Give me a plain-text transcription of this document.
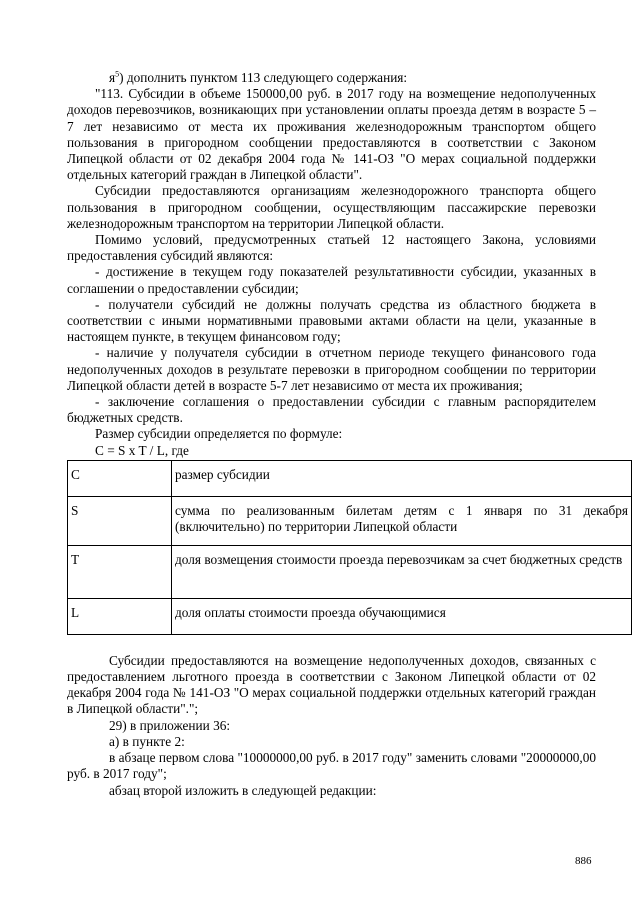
$я^5$) дополнить пунктом 113 следующего содержания:

"113. Субсидии в объеме 150000,00 руб. в 2017 году на возмещение недополученных доходов перевозчиков, возникающих при установлении оплаты проезда детям в возрасте 5 – 7 лет независимо от места их проживания железнодорожным транспортом общего пользования в пригородном сообщении предоставляются в соответствии с Законом Липецкой области от 02 декабря 2004 года № 141-ОЗ "О мерах социальной поддержки отдельных категорий граждан в Липецкой области".

Субсидии предоставляются организациям железнодорожного транспорта общего пользования в пригородном сообщении, осуществляющим пассажирские перевозки железнодорожным транспортом на территории Липецкой области.

Помимо условий, предусмотренных статьей 12 настоящего Закона, условиями предоставления субсидий являются:

- достижение в текущем году показателей результативности субсидии, указанных в соглашении о предоставлении субсидии;

- получатели субсидий не должны получать средства из областного бюджета в соответствии с иными нормативными правовыми актами области на цели, указанные в настоящем пункте, в текущем финансовом году;

- наличие у получателя субсидии в отчетном периоде текущего финансового года недополученных доходов в результате перевозки в пригородном сообщении по территории Липецкой области детей в возрасте 5-7 лет независимо от места их проживания;

- заключение соглашения о предоставлении субсидии с главным распорядителем бюджетных средств.

Размер субсидии определяется по формуле:

C = S x T / L, где

C	размер субсидии
S	сумма по реализованным билетам детям с 1 января по 31 декабря (включительно) по территории Липецкой области
T	доля возмещения стоимости проезда перевозчикам за счет бюджетных средств
L	доля оплаты стоимости проезда обучающимися

Субсидии предоставляются на возмещение недополученных доходов, связанных с предоставлением льготного проезда в соответствии с Законом Липецкой области от 02 декабря 2004 года № 141-ОЗ "О мерах социальной поддержки отдельных категорий граждан в Липецкой области".";

29) в приложении 36:

а) в пункте 2:

в абзаце первом слова "10000000,00 руб. в 2017 году" заменить словами "20000000,00 руб. в 2017 году";

абзац второй изложить в следующей редакции:

886
